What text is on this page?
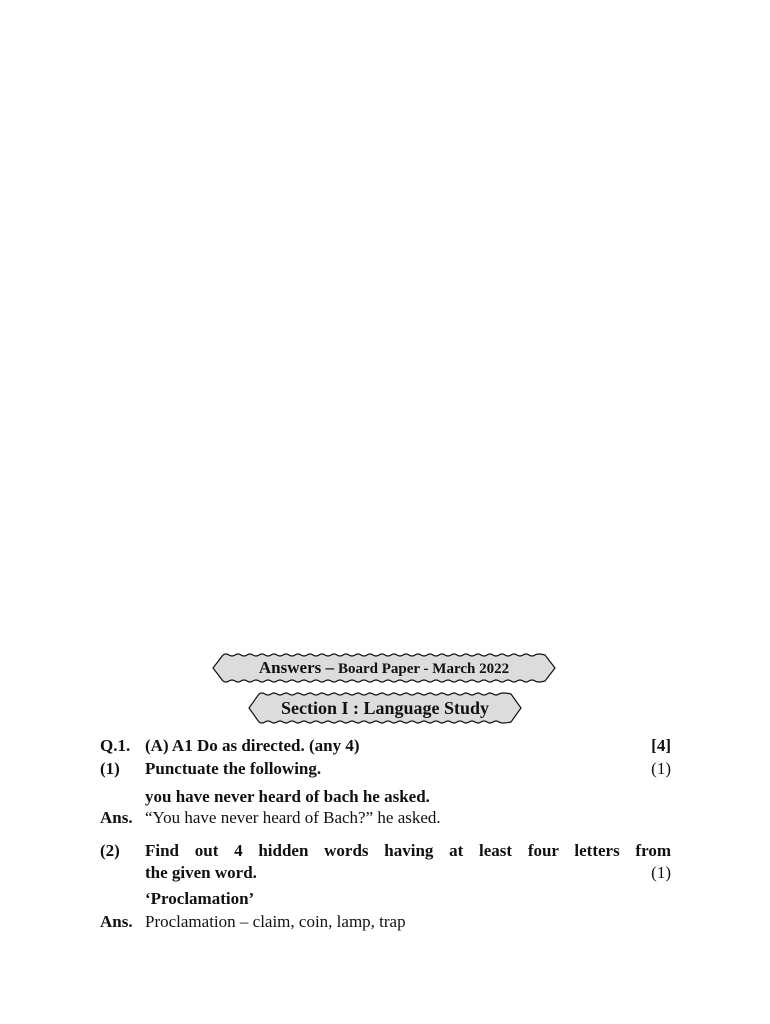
Answers – Board Paper - March 2022
Section I : Language Study
Q.1. (A) A1 Do as directed. (any 4)	[4]
(1) Punctuate the following.	(1)
you have never heard of bach he asked.
Ans. “You have never heard of Bach?” he asked.
(2) Find out 4 hidden words having at least four letters from
the given word.	(1)
‘Proclamation’
Ans. Proclamation – claim, coin, lamp, trap
